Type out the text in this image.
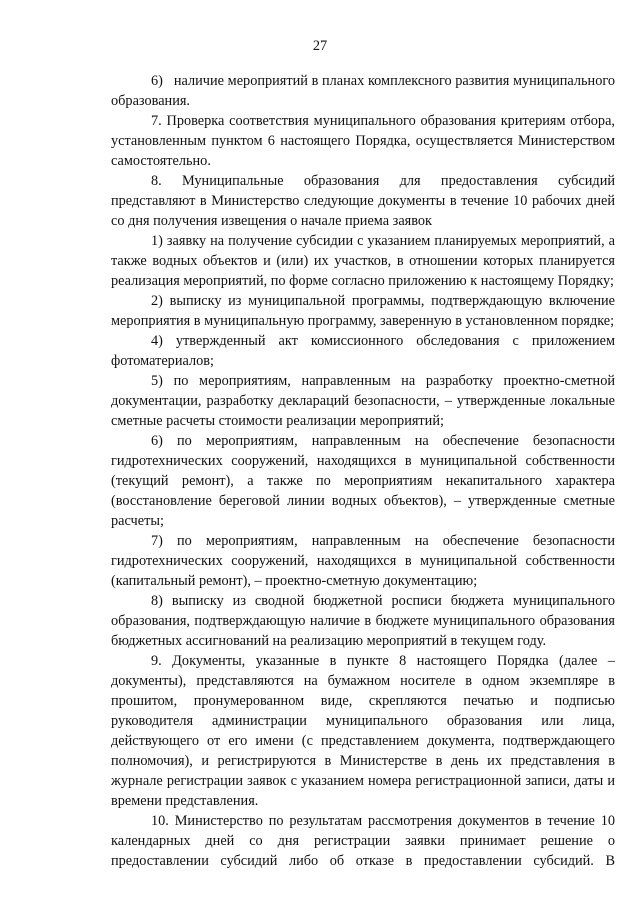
27

6)   наличие мероприятий в планах комплексного развития муниципального образования.

7. Проверка соответствия муниципального образования критериям отбора, установленным пунктом 6 настоящего Порядка, осуществляется Министерством самостоятельно.

8. Муниципальные образования для предоставления субсидий представляют в Министерство следующие документы в течение 10 рабочих дней со дня получения извещения о начале приема заявок

1) заявку на получение субсидии с указанием планируемых мероприятий, а также водных объектов и (или) их участков, в отношении которых планируется реализация мероприятий, по форме согласно приложению к настоящему Порядку;

2) выписку из муниципальной программы, подтверждающую включение мероприятия в муниципальную программу, заверенную в установленном порядке;

4) утвержденный акт комиссионного обследования с приложением фотоматериалов;

5) по мероприятиям, направленным на разработку проектно-сметной документации, разработку деклараций безопасности, – утвержденные локальные сметные расчеты стоимости реализации мероприятий;

6) по мероприятиям, направленным на обеспечение безопасности гидротехнических сооружений, находящихся в муниципальной собственности (текущий ремонт), а также по мероприятиям некапитального характера (восстановление береговой линии водных объектов), – утвержденные сметные расчеты;

7) по мероприятиям, направленным на обеспечение безопасности гидротехнических сооружений, находящихся в муниципальной собственности (капитальный ремонт), – проектно-сметную документацию;

8) выписку из сводной бюджетной росписи бюджета муниципального образования, подтверждающую наличие в бюджете муниципального образования бюджетных ассигнований на реализацию мероприятий в текущем году.

9. Документы, указанные в пункте 8 настоящего Порядка (далее – документы), представляются на бумажном носителе в одном экземпляре в прошитом, пронумерованном виде, скрепляются печатью и подписью руководителя администрации муниципального образования или лица, действующего от его имени (с представлением документа, подтверждающего полномочия), и регистрируются в Министерстве в день их представления в журнале регистрации заявок с указанием номера регистрационной записи, даты и времени представления.

10. Министерство по результатам рассмотрения документов в течение 10 календарных дней со дня регистрации заявки принимает решение о предоставлении субсидий либо об отказе в предоставлении субсидий. В
